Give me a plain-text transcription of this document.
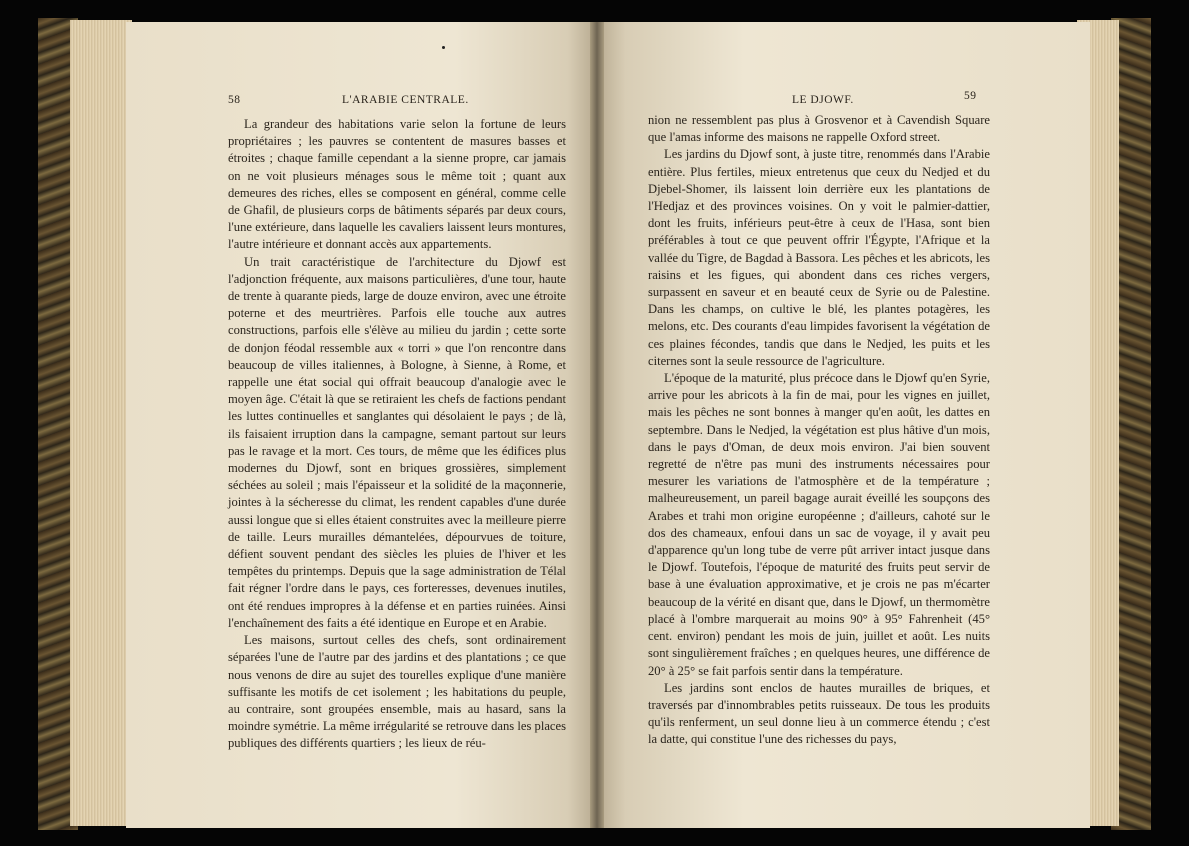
58	L'ARABIE CENTRALE.

La grandeur des habitations varie selon la fortune de leurs propriétaires ; les pauvres se contentent de masures basses et étroites ; chaque famille cependant a la sienne propre, car jamais on ne voit plusieurs ménages sous le même toit ; quant aux demeures des riches, elles se composent en général, comme celle de Ghafil, de plusieurs corps de bâtiments séparés par deux cours, l'une extérieure, dans laquelle les cavaliers laissent leurs montures, l'autre intérieure et donnant accès aux appartements.

Un trait caractéristique de l'architecture du Djowf est l'adjonction fréquente, aux maisons particulières, d'une tour, haute de trente à quarante pieds, large de douze environ, avec une étroite poterne et des meurtrières. Parfois elle touche aux autres constructions, parfois elle s'élève au milieu du jardin ; cette sorte de donjon féodal ressemble aux « torri » que l'on rencontre dans beaucoup de villes italiennes, à Bologne, à Sienne, à Rome, et rappelle une état social qui offrait beaucoup d'analogie avec le moyen âge. C'était là que se retiraient les chefs de factions pendant les luttes continuelles et sanglantes qui désolaient le pays ; de là, ils faisaient irruption dans la campagne, semant partout sur leurs pas le ravage et la mort. Ces tours, de même que les édifices plus modernes du Djowf, sont en briques grossières, simplement séchées au soleil ; mais l'épaisseur et la solidité de la maçonnerie, jointes à la sécheresse du climat, les rendent capables d'une durée aussi longue que si elles étaient construites avec la meilleure pierre de taille. Leurs murailles démantelées, dépourvues de toiture, défient souvent pendant des siècles les pluies de l'hiver et les tempêtes du printemps. Depuis que la sage administration de Télal fait régner l'ordre dans le pays, ces forteresses, devenues inutiles, ont été rendues impropres à la défense et en parties ruinées. Ainsi l'enchaînement des faits a été identique en Europe et en Arabie.

Les maisons, surtout celles des chefs, sont ordinairement séparées l'une de l'autre par des jardins et des plantations ; ce que nous venons de dire au sujet des tourelles explique d'une manière suffisante les motifs de cet isolement ; les habitations du peuple, au contraire, sont groupées ensemble, mais au hasard, sans la moindre symétrie. La même irrégularité se retrouve dans les places publiques des différents quartiers ; les lieux de réu-

LE DJOWF.	59

nion ne ressemblent pas plus à Grosvenor et à Cavendish Square que l'amas informe des maisons ne rappelle Oxford street.

Les jardins du Djowf sont, à juste titre, renommés dans l'Arabie entière. Plus fertiles, mieux entretenus que ceux du Nedjed et du Djebel-Shomer, ils laissent loin derrière eux les plantations de l'Hedjaz et des provinces voisines. On y voit le palmier-dattier, dont les fruits, inférieurs peut-être à ceux de l'Hasa, sont bien préférables à tout ce que peuvent offrir l'Égypte, l'Afrique et la vallée du Tigre, de Bagdad à Bassora. Les pêches et les abricots, les raisins et les figues, qui abondent dans ces riches vergers, surpassent en saveur et en beauté ceux de Syrie ou de Palestine. Dans les champs, on cultive le blé, les plantes potagères, les melons, etc. Des courants d'eau limpides favorisent la végétation de ces plaines fécondes, tandis que dans le Nedjed, les puits et les citernes sont la seule ressource de l'agriculture.

L'époque de la maturité, plus précoce dans le Djowf qu'en Syrie, arrive pour les abricots à la fin de mai, pour les vignes en juillet, mais les pêches ne sont bonnes à manger qu'en août, les dattes en septembre. Dans le Nedjed, la végétation est plus hâtive d'un mois, dans le pays d'Oman, de deux mois environ. J'ai bien souvent regretté de n'être pas muni des instruments nécessaires pour mesurer les variations de l'atmosphère et de la température ; malheureusement, un pareil bagage aurait éveillé les soupçons des Arabes et trahi mon origine européenne ; d'ailleurs, cahoté sur le dos des chameaux, enfoui dans un sac de voyage, il y avait peu d'apparence qu'un long tube de verre pût arriver intact jusque dans le Djowf. Toutefois, l'époque de maturité des fruits peut servir de base à une évaluation approximative, et je crois ne pas m'écarter beaucoup de la vérité en disant que, dans le Djowf, un thermomètre placé à l'ombre marquerait au moins 90° à 95° Fahrenheit (45° cent. environ) pendant les mois de juin, juillet et août. Les nuits sont singulièrement fraîches ; en quelques heures, une différence de 20° à 25° se fait parfois sentir dans la température.

Les jardins sont enclos de hautes murailles de briques, et traversés par d'innombrables petits ruisseaux. De tous les produits qu'ils renferment, un seul donne lieu à un commerce étendu ; c'est la datte, qui constitue l'une des richesses du pays,
